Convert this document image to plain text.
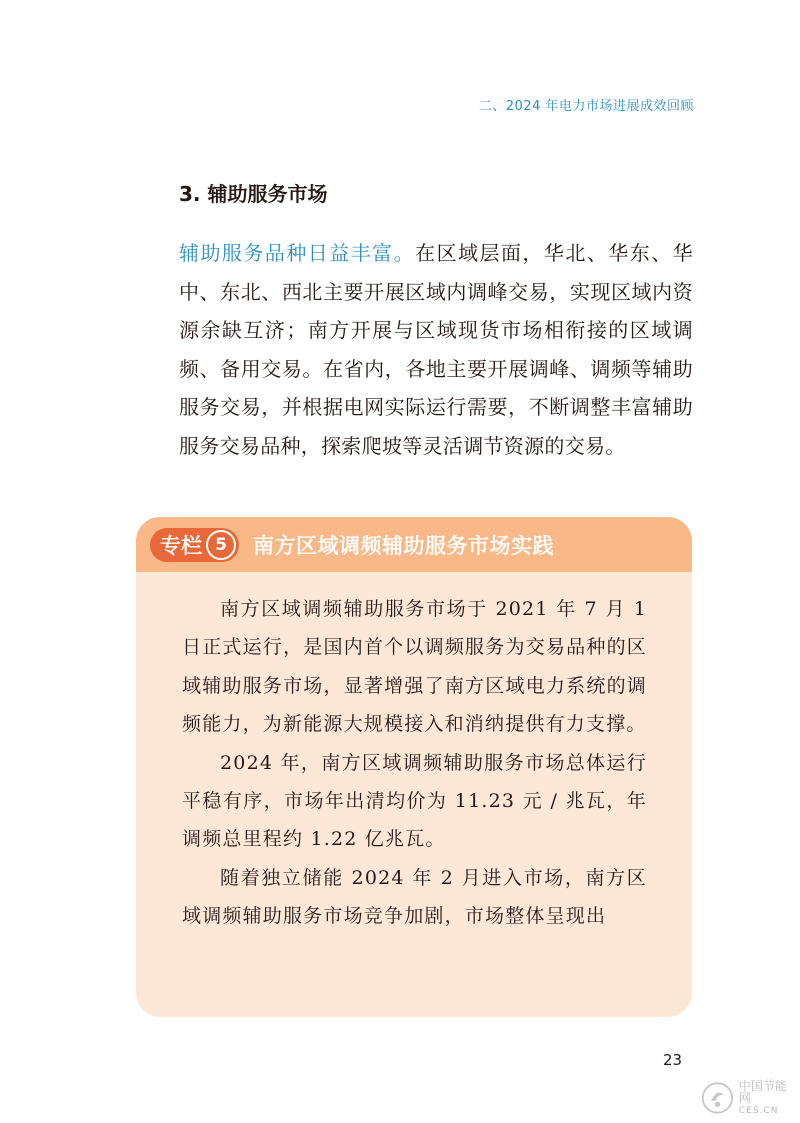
二、2024 年电力市场进展成效回顾
3. 辅助服务市场

辅助服务品种日益丰富。在区域层面，华北、华东、华中、东北、西北主要开展区域内调峰交易，实现区域内资源余缺互济；南方开展与区域现货市场相衔接的区域调频、备用交易。在省内，各地主要开展调峰、调频等辅助服务交易，并根据电网实际运行需要，不断调整丰富辅助服务交易品种，探索爬坡等灵活调节资源的交易。

专栏 5	南方区域调频辅助服务市场实践

南方区域调频辅助服务市场于 2021 年 7 月 1 日正式运行，是国内首个以调频服务为交易品种的区域辅助服务市场，显著增强了南方区域电力系统的调频能力，为新能源大规模接入和消纳提供有力支撑。

2024 年，南方区域调频辅助服务市场总体运行平稳有序，市场年出清均价为 11.23 元 / 兆瓦，年调频总里程约 1.22 亿兆瓦。

随着独立储能 2024 年 2 月进入市场，南方区域调频辅助服务市场竞争加剧，市场整体呈现出

23
中国节能网
CES.CN
